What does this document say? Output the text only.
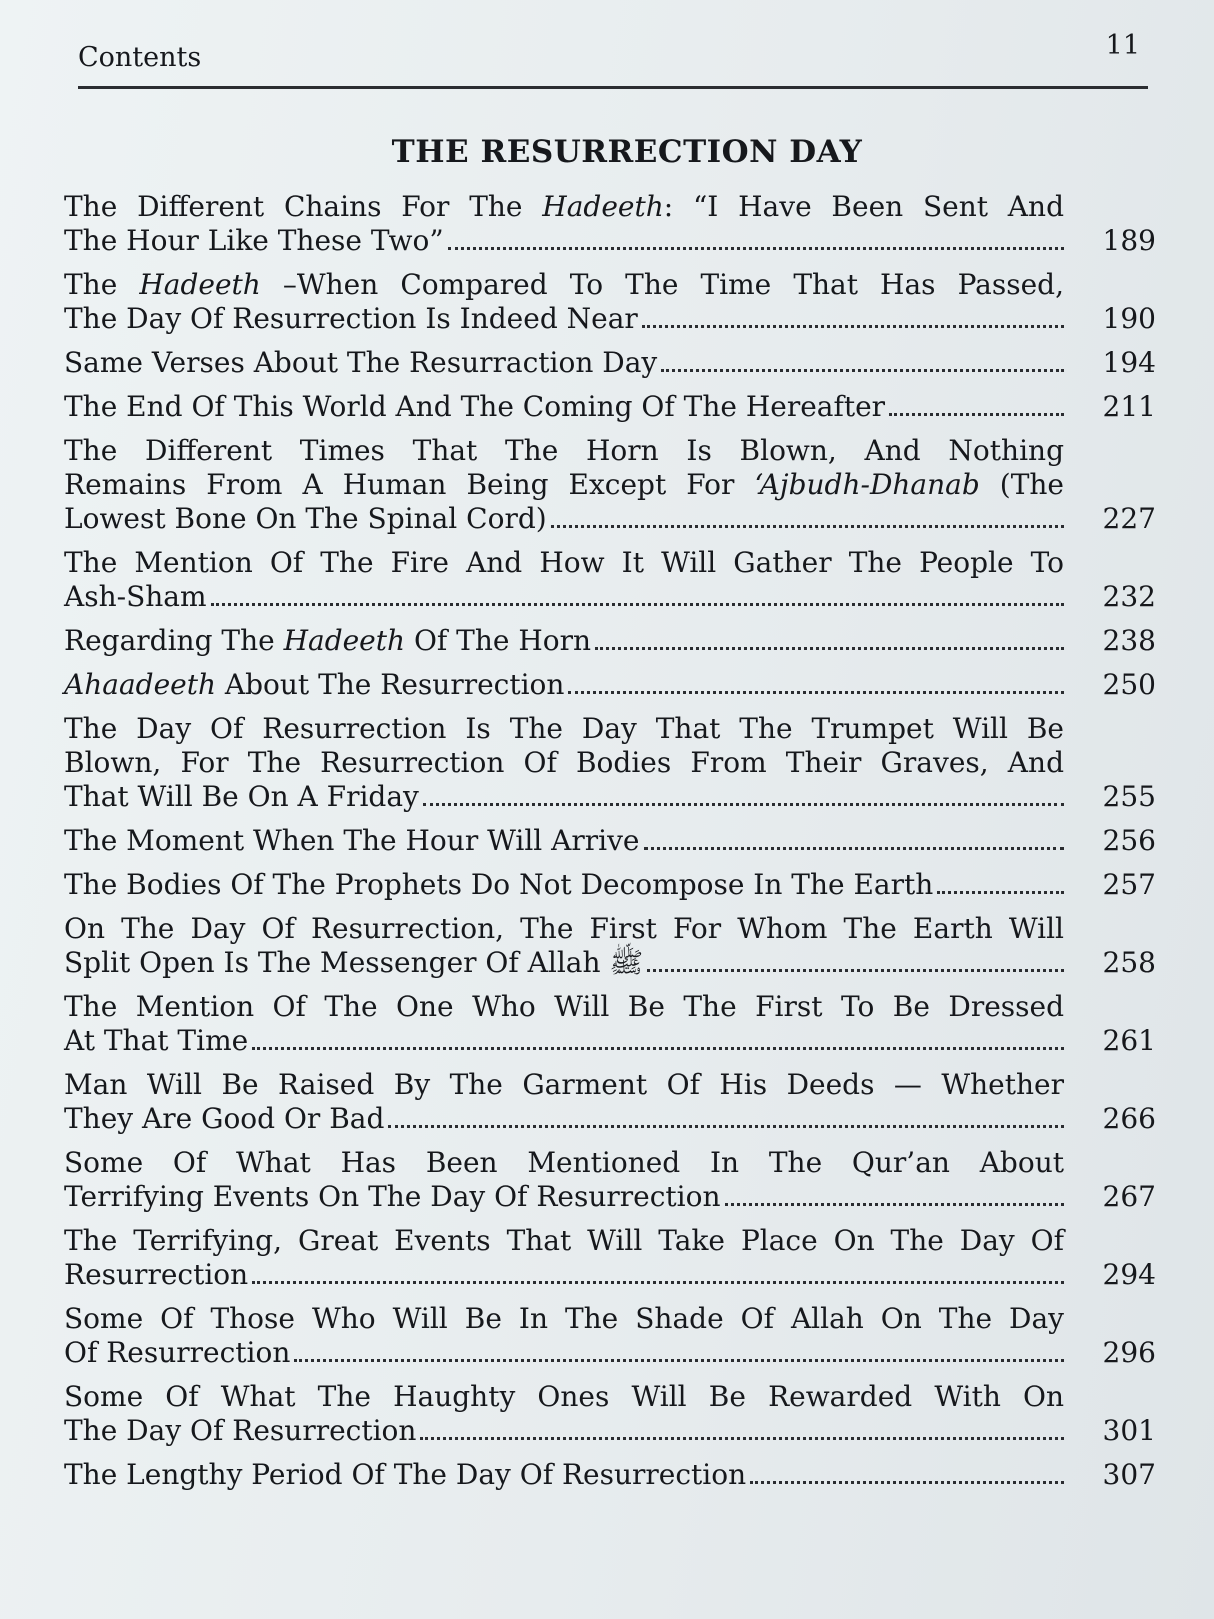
Contents	11
THE RESURRECTION DAY
The Different Chains For The Hadeeth: “I Have Been Sent And
The Hour Like These Two”	189
The Hadeeth –When Compared To The Time That Has Passed,
The Day Of Resurrection Is Indeed Near	190
Same Verses About The Resurraction Day	194
The End Of This World And The Coming Of The Hereafter	211
The Different Times That The Horn Is Blown, And Nothing
Remains From A Human Being Except For ‘Ajbudh-Dhanab (The
Lowest Bone On The Spinal Cord)	227
The Mention Of The Fire And How It Will Gather The People To
Ash-Sham	232
Regarding The Hadeeth Of The Horn	238
Ahaadeeth About The Resurrection	250
The Day Of Resurrection Is The Day That The Trumpet Will Be
Blown, For The Resurrection Of Bodies From Their Graves, And
That Will Be On A Friday	255
The Moment When The Hour Will Arrive	256
The Bodies Of The Prophets Do Not Decompose In The Earth	257
On The Day Of Resurrection, The First For Whom The Earth Will
Split Open Is The Messenger Of Allah ﷺ	258
The Mention Of The One Who Will Be The First To Be Dressed
At That Time	261
Man Will Be Raised By The Garment Of His Deeds — Whether
They Are Good Or Bad	266
Some Of What Has Been Mentioned In The Qur’an About
Terrifying Events On The Day Of Resurrection	267
The Terrifying, Great Events That Will Take Place On The Day Of
Resurrection	294
Some Of Those Who Will Be In The Shade Of Allah On The Day
Of Resurrection	296
Some Of What The Haughty Ones Will Be Rewarded With On
The Day Of Resurrection	301
The Lengthy Period Of The Day Of Resurrection	307
